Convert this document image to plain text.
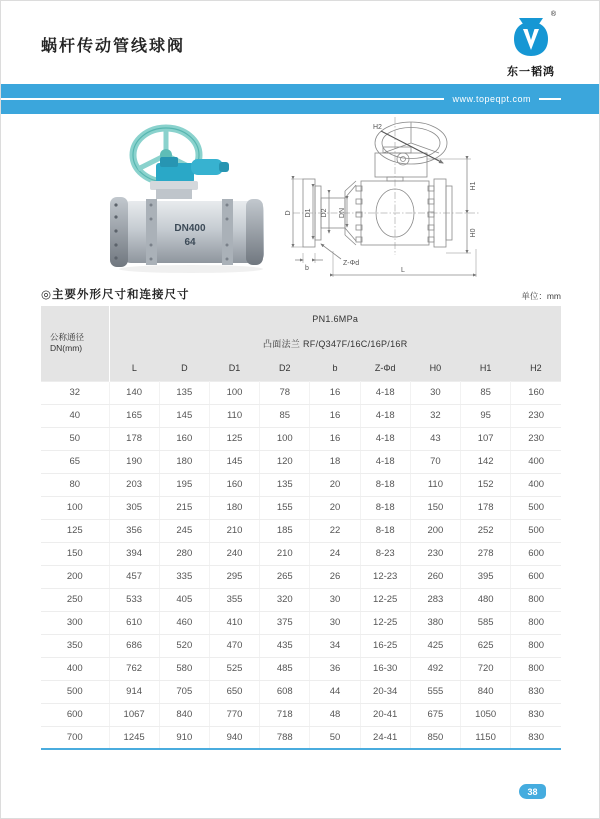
蜗杆传动管线球阀
®
东一韬鸿
www.topeqpt.com
DN400
64
H2
D D1 D2 DN
b
Z-Φd
L
H1
H0
◎主要外形尺寸和连接尺寸	单位：mm
公称通径
DN(mm)	PN1.6MPa								
	凸面法兰 RF/Q347F/16C/16P/16R								
	L	D	D1	D2	b	Z-Φd	H0	H1	H2
32	140	135	100	78	16	4-18	30	85	160
40	165	145	110	85	16	4-18	32	95	230
50	178	160	125	100	16	4-18	43	107	230
65	190	180	145	120	18	4-18	70	142	400
80	203	195	160	135	20	8-18	110	152	400
100	305	215	180	155	20	8-18	150	178	500
125	356	245	210	185	22	8-18	200	252	500
150	394	280	240	210	24	8-23	230	278	600
200	457	335	295	265	26	12-23	260	395	600
250	533	405	355	320	30	12-25	283	480	800
300	610	460	410	375	30	12-25	380	585	800
350	686	520	470	435	34	16-25	425	625	800
400	762	580	525	485	36	16-30	492	720	800
500	914	705	650	608	44	20-34	555	840	830
600	1067	840	770	718	48	20-41	675	1050	830
700	1245	910	940	788	50	24-41	850	1150	830
38
